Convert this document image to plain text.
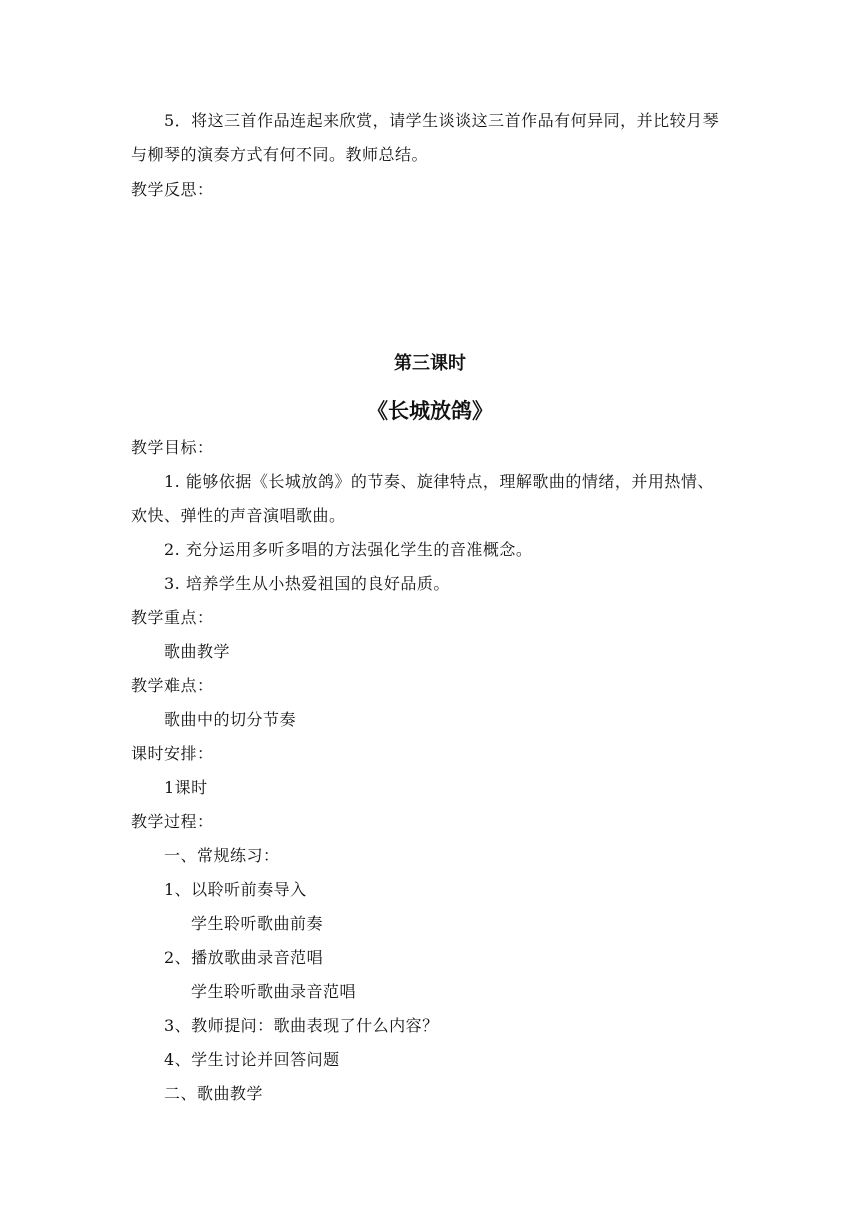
5．将这三首作品连起来欣赏，请学生谈谈这三首作品有何异同，并比较月琴
与柳琴的演奏方式有何不同。教师总结。
教学反思：
第三课时
《长城放鸽》
教学目标：
1. 能够依据《长城放鸽》的节奏、旋律特点，理解歌曲的情绪，并用热情、
欢快、弹性的声音演唱歌曲。
2. 充分运用多听多唱的方法强化学生的音准概念。
3. 培养学生从小热爱祖国的良好品质。
教学重点：
歌曲教学
教学难点：
歌曲中的切分节奏
课时安排：
1课时
教学过程：
一、常规练习：
1、以聆听前奏导入
学生聆听歌曲前奏
2、播放歌曲录音范唱
学生聆听歌曲录音范唱
3、教师提问：歌曲表现了什么内容？
4、学生讨论并回答问题
二、歌曲教学
